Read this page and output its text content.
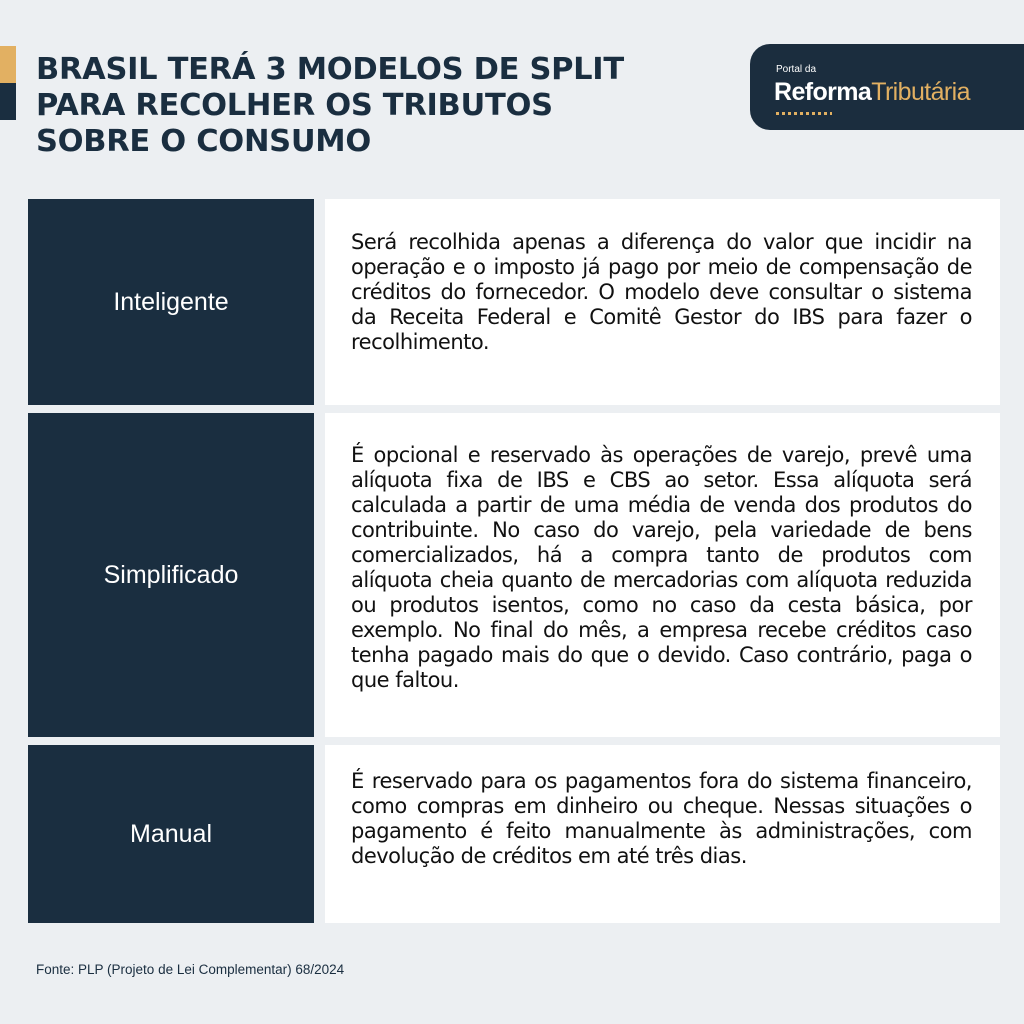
BRASIL TERÁ 3 MODELOS DE SPLIT
PARA RECOLHER OS TRIBUTOS
SOBRE O CONSUMO
Portal da
ReformaTributária
Inteligente

Será recolhida apenas a diferença do valor que incidir na operação e o imposto já pago por meio de compensação de créditos do fornecedor. O modelo deve consultar o sistema da Receita Federal e Comitê Gestor do IBS para fazer o recolhimento.

Simplificado

É opcional e reservado às operações de varejo, prevê uma alíquota fixa de IBS e CBS ao setor. Essa alíquota será calculada a partir de uma média de venda dos produtos do contribuinte. No caso do varejo, pela variedade de bens comercializados, há a compra tanto de produtos com alíquota cheia quanto de mercadorias com alíquota reduzida ou produtos isentos, como no caso da cesta básica, por exemplo. No final do mês, a empresa recebe créditos caso tenha pagado mais do que o devido. Caso contrário, paga o que faltou.

Manual

É reservado para os pagamentos fora do sistema financeiro, como compras em dinheiro ou cheque. Nessas situações o pagamento é feito manualmente às administrações, com devolução de créditos em até três dias.

Fonte: PLP (Projeto de Lei Complementar) 68/2024
